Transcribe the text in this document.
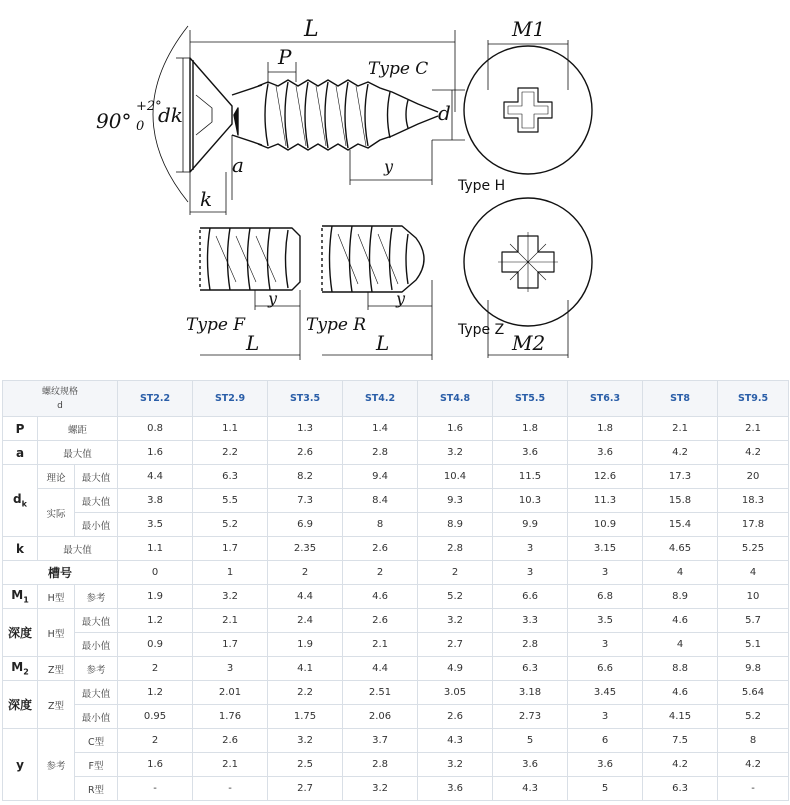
L
P	Type C
M1
d
dk
90°
+2°
0
a
k
y
y	y
Type F	Type R
L	L	M2
Type H
Type Z
螺纹规格
d			ST2.2	ST2.9	ST3.5	ST4.2	ST4.8	ST5.5	ST6.3	ST8	ST9.5
P	螺距		0.8	1.1	1.3	1.4	1.6	1.8	1.8	2.1	2.1
a	最大值		1.6	2.2	2.6	2.8	3.2	3.6	3.6	4.2	4.2
$d_k$	理论	最大值	4.4	6.3	8.2	9.4	10.4	11.5	12.6	17.3	20
	实际	最大值	3.8	5.5	7.3	8.4	9.3	10.3	11.3	15.8	18.3
		最小值	3.5	5.2	6.9	8	8.9	9.9	10.9	15.4	17.8
k	最大值		1.1	1.7	2.35	2.6	2.8	3	3.15	4.65	5.25
槽号			0	1	2	2	2	3	3	4	4
$M_1$	H型	参考	1.9	3.2	4.4	4.6	5.2	6.6	6.8	8.9	10
深度	H型	最大值	1.2	2.1	2.4	2.6	3.2	3.3	3.5	4.6	5.7
		最小值	0.9	1.7	1.9	2.1	2.7	2.8	3	4	5.1
$M_2$	Z型	参考	2	3	4.1	4.4	4.9	6.3	6.6	8.8	9.8
深度	Z型	最大值	1.2	2.01	2.2	2.51	3.05	3.18	3.45	4.6	5.64
		最小值	0.95	1.76	1.75	2.06	2.6	2.73	3	4.15	5.2
y	参考	C型	2	2.6	3.2	3.7	4.3	5	6	7.5	8
		F型	1.6	2.1	2.5	2.8	3.2	3.6	3.6	4.2	4.2
		R型	-	-	2.7	3.2	3.6	4.3	5	6.3	-
